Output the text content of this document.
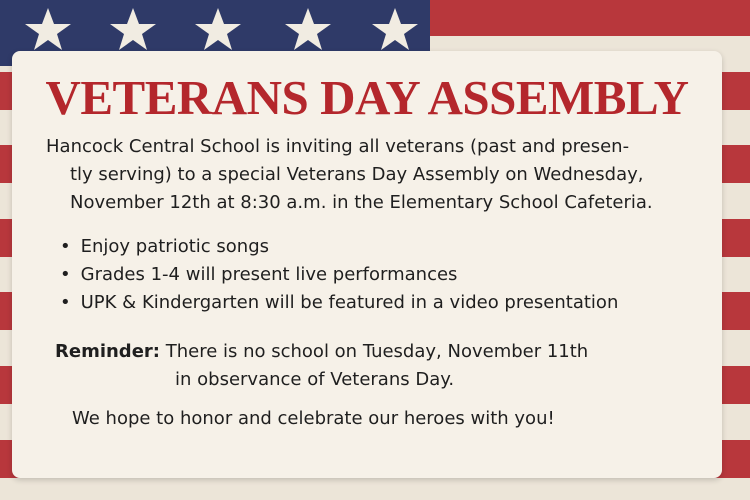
VETERANS DAY ASSEMBLY
Hancock Central School is inviting all veterans (past and presen-
tly serving) to a special Veterans Day Assembly on Wednesday,
November 12th at 8:30 a.m. in the Elementary School Cafeteria.
• Enjoy patriotic songs
• Grades 1-4 will present live performances
• UPK & Kindergarten will be featured in a video presentation
Reminder: There is no school on Tuesday, November 11th
in observance of Veterans Day.
We hope to honor and celebrate our heroes with you!
